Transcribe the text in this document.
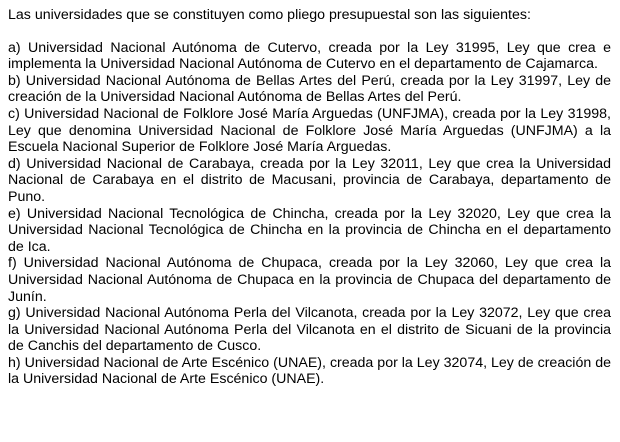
Las universidades que se constituyen como pliego presupuestal son las siguientes:

a) Universidad Nacional Autónoma de Cutervo, creada por la Ley 31995, Ley que crea e implementa la Universidad Nacional Autónoma de Cutervo en el departamento de Cajamarca.

b) Universidad Nacional Autónoma de Bellas Artes del Perú, creada por la Ley 31997, Ley de creación de la Universidad Nacional Autónoma de Bellas Artes del Perú.

c) Universidad Nacional de Folklore José María Arguedas (UNFJMA), creada por la Ley 31998, Ley que denomina Universidad Nacional de Folklore José María Arguedas (UNFJMA) a la Escuela Nacional Superior de Folklore José María Arguedas.

d) Universidad Nacional de Carabaya, creada por la Ley 32011, Ley que crea la Universidad Nacional de Carabaya en el distrito de Macusani, provincia de Carabaya, departamento de Puno.

e) Universidad Nacional Tecnológica de Chincha, creada por la Ley 32020, Ley que crea la Universidad Nacional Tecnológica de Chincha en la provincia de Chincha en el departamento de Ica.

f) Universidad Nacional Autónoma de Chupaca, creada por la Ley 32060, Ley que crea la Universidad Nacional Autónoma de Chupaca en la provincia de Chupaca del departamento de Junín.

g) Universidad Nacional Autónoma Perla del Vilcanota, creada por la Ley 32072, Ley que crea la Universidad Nacional Autónoma Perla del Vilcanota en el distrito de Sicuani de la provincia de Canchis del departamento de Cusco.

h) Universidad Nacional de Arte Escénico (UNAE), creada por la Ley 32074, Ley de creación de la Universidad Nacional de Arte Escénico (UNAE).
